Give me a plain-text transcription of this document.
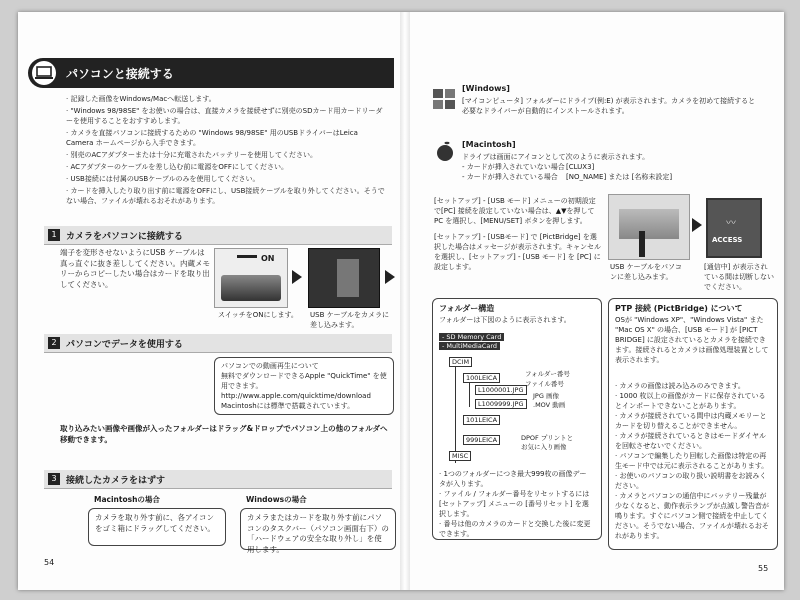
パソコンと接続する
· 記録した画像をWindows/Macへ転送します。
· "Windows 98/98SE" をお使いの場合は、直接カメラを接続せずに別売のSDカード用カードリーダーを使用することをおすすめします。
· カメラを直接パソコンに接続するための "Windows 98/98SE" 用のUSBドライバーはLeica Camera ホームページから入手できます。
· 別売のACアダプターまたは十分に充電されたバッテリーを使用してください。
· ACアダプターのケーブルを差し込む前に電源をOFFにしてください。
· USB接続には付属のUSBケーブルのみを使用してください。
· カードを挿入したり取り出す前に電源をOFFにし、USB接続ケーブルを取り外してください。そうでない場合、ファイルが壊れるおそれがあります。
1	カメラをパソコンに接続する
端子を変形させないようにUSB ケーブルは真っ直ぐに抜き差ししてください。内蔵メモリーからコピーしたい場合はカードを取り出してください。
ON
スイッチをONにします。 USB ケーブルをカメラに差し込みます。
2	パソコンでデータを使用する
パソコンでの動画再生について
無料でダウンロードできるApple "QuickTime" を使用できます。
http://www.apple.com/quicktime/download
Macintoshには標準で搭載されています。
取り込みたい画像や画像が入ったフォルダーはドラッグ&ドロップでパソコン上の他のフォルダへ移動できます。
3	接続したカメラをはずす
Macintoshの場合
カメラを取り外す前に、各アイコンをゴミ箱にドラッグしてください。
Windowsの場合
カメラまたはカードを取り外す前にパソコンのタスクバー（パソコン画面右下）の「ハードウェアの安全な取り外し」を使用します。
54
[Windows]
[マイコンピュータ] フォルダーにドライブ(例:E) が表示されます。カメラを初めて接続すると必要なドライバーが自動的にインストールされます。
[Macintosh]
ドライブは画面にアイコンとして次のように表示されます。
- カードが挿入されていない場合 [CLUX3]
- カードが挿入されている場合 [NO_NAME] または [名称未設定]
[セットアップ] - [USB モード] メニューの初期設定で[PC] 接続を設定していない場合は、▲▼を押してPC を選択し、[MENU/SET] ボタンを押します。
[セットアップ] - [USBモード] で [PictBridge] を選択した場合はメッセージが表示されます。キャンセルを選択し、[セットアップ] - [USB モード] を [PC] に設定します。
〰
ACCESS
USB ケーブルをパソコンに差し込みます。
[通信中] が表示されている間は切断しないでください。
フォルダー構造
フォルダーは下図のように表示されます。
- SD Memory Card
- MultiMediaCard
DCIM
100LEICA
L1000001.JPG
L1009999.JPG
101LEICA
999LEICA
MISC
フォルダー番号
ファイル番号
JPG 画像
.MOV 動画
DPOF プリントと
お気に入り画像
· 1つのフォルダーにつき最大999枚の画像データが入ります。
· ファイル / フォルダー番号をリセットするには [セットアップ] メニューの [番号リセット] を選択します。
· 番号は他のカメラのカードと交換した後に変更できます。
PTP 接続 (PictBridge) について
OSが "Windows XP"、"Windows Vista" また "Mac OS X" の場合、[USB モード] が [PICT BRIDGE] に設定されているとカメラを接続できます。接続されるとカメラは画像処理装置として表示されます。
· カメラの画像は読み込みのみできます。
· 1000 枚以上の画像がカードに保存されているとインポートできないことがあります。
· カメラが接続されている間中は内蔵メモリーとカードを切り替えることができません。
· カメラが接続されているときはモードダイヤルを回転させないでください。
· パソコンで編集したり回転した画像は特定の再生モード中では元に表示されることがあります。
· お使いのパソコンの取り扱い説明書をお読みください。
· カメラとパソコンの通信中にバッテリー残量が少なくなると、動作表示ランプが点滅し警告音が鳴ります。すぐにパソコン側で接続を中止してください。そうでない場合、ファイルが壊れるおそれがあります。
55
